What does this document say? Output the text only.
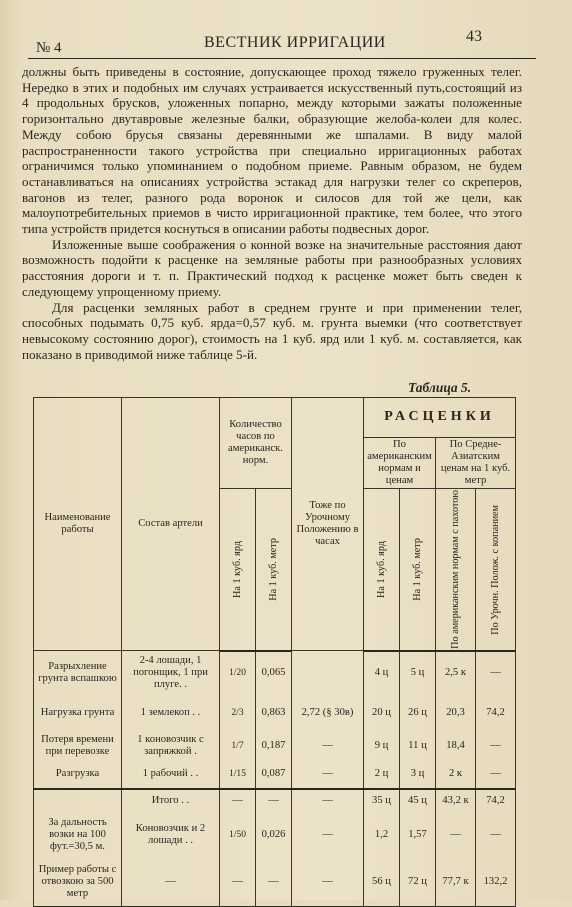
№ 4	ВЕСТНИК ИРРИГАЦИИ	43

должны быть приведены в состояние, допускающее проход тяжело груженных телег. Нередко в этих и подобных им случаях устраивается искусственный путь,состоящий из 4 продольных брусков, уложенных попарно, между которыми зажаты положенные горизонтально двутавровые железные балки, образующие желоба-колеи для колес. Между собою брусья связаны деревянными же шпалами. В виду малой распространенности такого устройства при специально ирригационных работах ограничимся только упоминанием о подобном приеме. Равным образом, не будем останавливаться на описаниях устройства эстакад для нагрузки телег со скреперов, вагонов из телег, разного рода воронок и силосов для той же цели, как малоупотребительных приемов в чисто ирригационной практике, тем более, что этого типа устройств придется коснуться в описании работы подвесных дорог.

Изложенные выше соображения о конной возке на значительные расстояния дают возможность подойти к расценке на земляные работы при разнообразных условиях расстояния дороги и т. п. Практический подход к расценке может быть сведен к следующему упрощенному приему.

Для расценки земляных работ в среднем грунте и при применении телег, способных подымать 0,75 куб. ярда=0,57 куб. м. грунта выемки (что соответствует невысокому состоянию дорог), стоимость на 1 куб. ярд или 1 куб. м. составляется, как показано в приводимой ниже таблице 5-й.

Таблица 5.
Наименование работы	Состав артели	Количество часов по американск. норм.		Тоже по Урочному Положению в часах	РАСЦЕНКИ			
					По американским нормам и ценам		По Средне-Азиатским ценам на 1 куб. метр	

		На 1 куб. ярд	На 1 куб. метр		На 1 куб. ярд	На 1 куб. метр	По американским нормам с пахотою	По Урочн. Полож. с копанием

Разрыхление грунта вспашкою	2-4 лошади, 1 погонщик, 1 при плуге. .	1/20	0,065		4 ц	5 ц	2,5 к	—
Нагрузка грунта	1 землекоп . .	2/3	0,863	2,72 (§ 30в)	20 ц	26 ц	20,3	74,2
Потеря времени при перевозке	1 коновозчик с запряжкой .	1/7	0,187	—	9 ц	11 ц	18,4	—
Разгрузка	1 рабочий . .	1/15	0,087	—	2 ц	3 ц	2 к	—
	Итого . .	—	—	—	35 ц	45 ц	43,2 к	74,2
За дальность возки на 100 фут.=30,5 м.	Коновозчик и 2 лошади . .	1/50	0,026	—	1,2	1,57	—	—
Пример работы с отвозкою за 500 метр	—	—	—	—	56 ц	72 ц	77,7 к	132,2
